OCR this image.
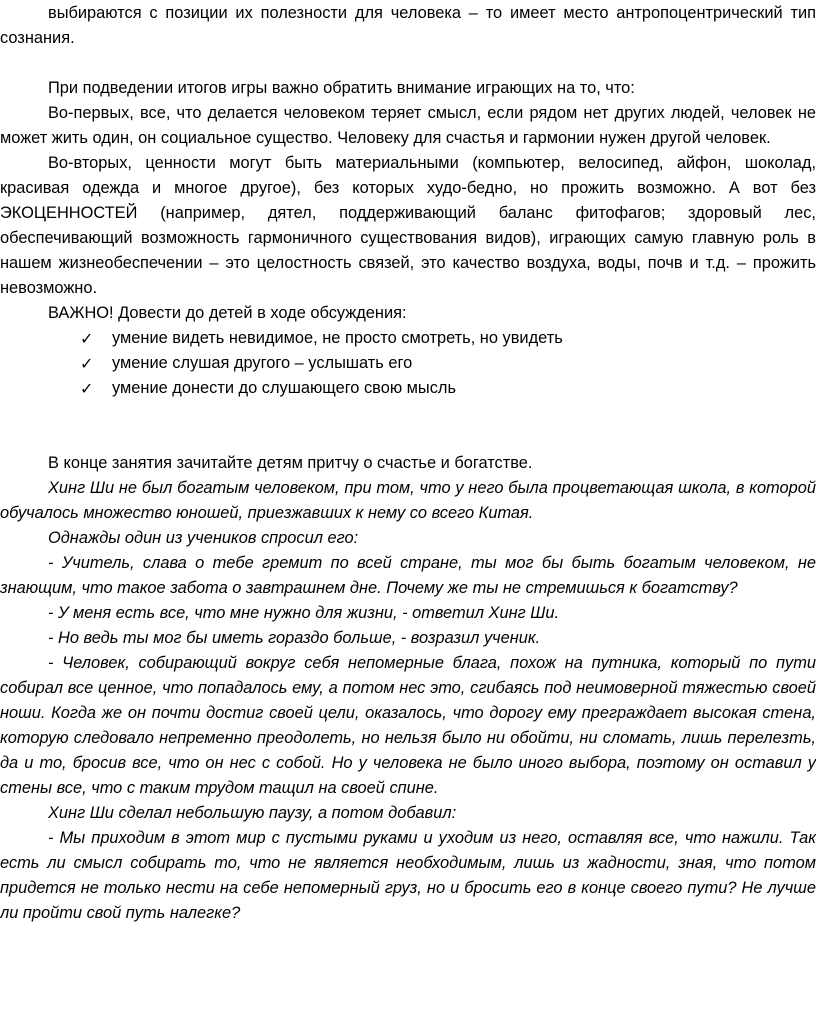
выбираются с позиции их полезности для человека – то имеет место антропоцентрический тип сознания.

При подведении итогов игры важно обратить внимание играющих на то, что:

Во-первых, все, что делается человеком теряет смысл, если рядом нет других людей, человек не может жить один, он социальное существо. Человеку для счастья и гармонии нужен другой человек.

Во-вторых, ценности могут быть материальными (компьютер, велосипед, айфон, шоколад, красивая одежда и многое другое), без которых худо-бедно, но прожить возможно. А вот без ЭКОЦЕННОСТЕЙ (например, дятел, поддерживающий баланс фитофагов; здоровый лес, обеспечивающий возможность гармоничного существования видов), играющих самую главную роль в нашем жизнеобеспечении – это целостность связей, это качество воздуха, воды, почв и т.д. – прожить невозможно.

ВАЖНО! Довести до детей в ходе обсуждения:

✓ умение видеть невидимое, не просто смотреть, но увидеть
✓ умение слушая другого – услышать его
✓ умение донести до слушающего свою мысль

В конце занятия зачитайте детям притчу о счастье и богатстве.

Хинг Ши не был богатым человеком, при том, что у него была процветающая школа, в которой обучалось множество юношей, приезжавших к нему со всего Китая.

Однажды один из учеников спросил его:

- Учитель, слава о тебе гремит по всей стране, ты мог бы быть богатым человеком, не знающим, что такое забота о завтрашнем дне. Почему же ты не стремишься к богатству?

- У меня есть все, что мне нужно для жизни, - ответил Хинг Ши.

- Но ведь ты мог бы иметь гораздо больше, - возразил ученик.

- Человек, собирающий вокруг себя непомерные блага, похож на путника, который по пути собирал все ценное, что попадалось ему, а потом нес это, сгибаясь под неимоверной тяжестью своей ноши. Когда же он почти достиг своей цели, оказалось, что дорогу ему преграждает высокая стена, которую следовало непременно преодолеть, но нельзя было ни обойти, ни сломать, лишь перелезть, да и то, бросив все, что он нес с собой. Но у человека не было иного выбора, поэтому он оставил у стены все, что с таким трудом тащил на своей спине.

Хинг Ши сделал небольшую паузу, а потом добавил:

- Мы приходим в этот мир с пустыми руками и уходим из него, оставляя все, что нажили. Так есть ли смысл собирать то, что не является необходимым, лишь из жадности, зная, что потом придется не только нести на себе непомерный груз, но и бросить его в конце своего пути? Не лучше ли пройти свой путь налегке?
